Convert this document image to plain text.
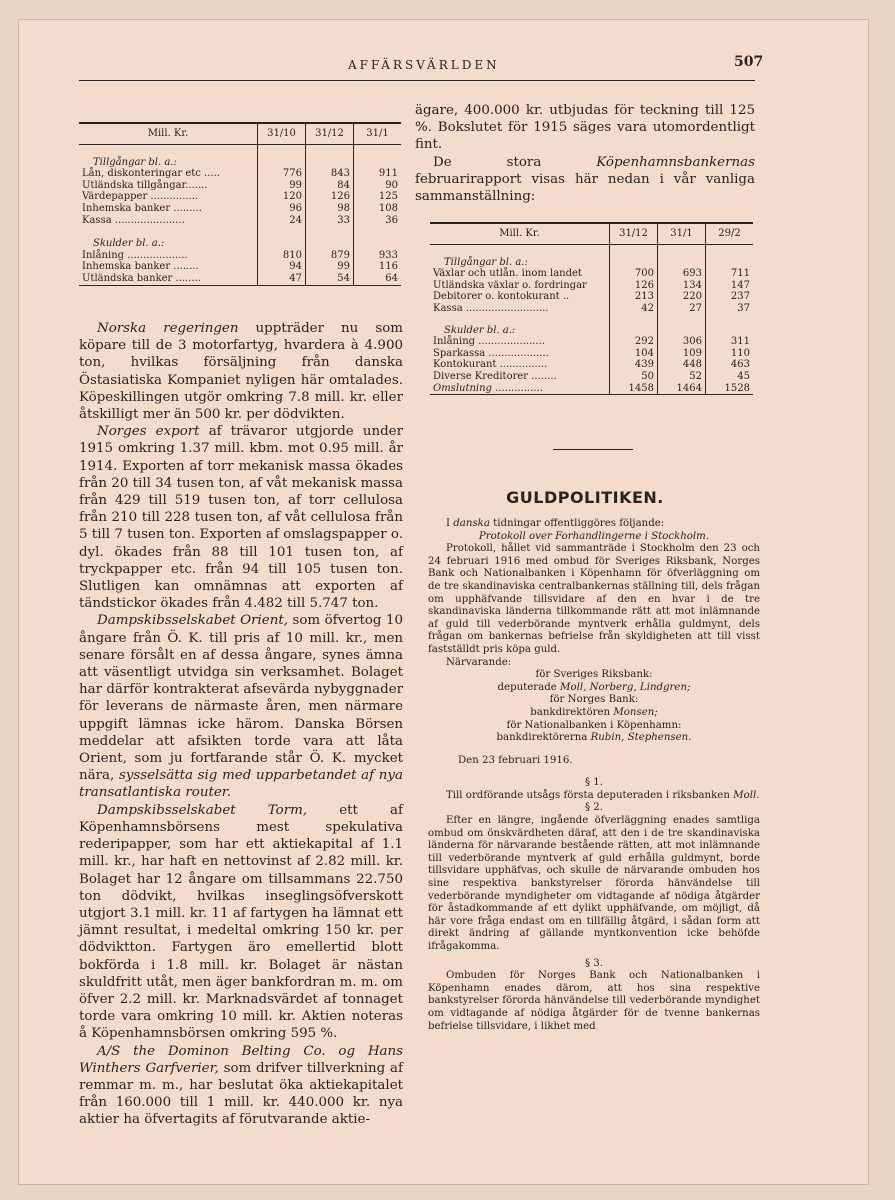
AFFÄRSVÄRLDEN	507
Mill. Kr.	31/10	31/12	31/1

Tillgångar bl. a.:			
Lån, diskonteringar etc .....	776	843	911
Utländska tillgångar.......	99	84	90
Värdepapper ...............	120	126	125
Inhemska banker .........	96	98	108
Kassa ......................	24	33	36

Skulder bl. a.:			
Inlåning ...................	810	879	933
Inhemska banker ........	94	99	116
Utländska banker ........	47	54	64

Norska regeringen uppträder nu som köpare till de 3 motorfartyg, hvardera à 4.900 ton, hvilkas försäljning från danska Östasiatiska Kompaniet nyligen här omtalades. Köpeskillingen utgör omkring 7.8 mill. kr. eller åtskilligt mer än 500 kr. per dödvikten.

Norges export af trävaror utgjorde under 1915 omkring 1.37 mill. kbm. mot 0.95 mill. år 1914. Exporten af torr mekanisk massa ökades från 20 till 34 tusen ton, af våt mekanisk massa från 429 till 519 tusen ton, af torr cellulosa från 210 till 228 tusen ton, af våt cellulosa från 5 till 7 tusen ton. Exporten af omslagspapper o. dyl. ökades från 88 till 101 tusen ton, af tryckpapper etc. från 94 till 105 tusen ton. Slutligen kan omnämnas att exporten af tändstickor ökades från 4.482 till 5.747 ton.

Dampskibsselskabet Orient, som öfvertog 10 ångare från Ö. K. till pris af 10 mill. kr., men senare försålt en af dessa ångare, synes ämna att väsentligt utvidga sin verksamhet. Bolaget har därför kontrakterat afsevärda nybyggnader för leverans de närmaste åren, men närmare uppgift lämnas icke härom. Danska Börsen meddelar att afsikten torde vara att låta Orient, som ju fortfarande står Ö. K. mycket nära, sysselsätta sig med upparbetandet af nya transatlantiska router.

Dampskibsselskabet Torm, ett af Köpenhamnsbörsens mest spekulativa rederipapper, som har ett aktiekapital af 1.1 mill. kr., har haft en nettovinst af 2.82 mill. kr. Bolaget har 12 ångare om tillsammans 22.750 ton dödvikt, hvilkas inseglingsöfverskott utgjort 3.1 mill. kr. 11 af fartygen ha lämnat ett jämnt resultat, i medeltal omkring 150 kr. per dödviktton. Fartygen äro emellertid blott bokförda i 1.8 mill. kr. Bolaget är nästan skuldfritt utåt, men äger bankfordran m. m. om öfver 2.2 mill. kr. Marknadsvärdet af tonnaget torde vara omkring 10 mill. kr. Aktien noteras å Köpenhamnsbörsen omkring 595 %.

A/S the Dominon Belting Co. og Hans Winthers Garfverier, som drifver tillverkning af remmar m. m., har beslutat öka aktiekapitalet från 160.000 till 1 mill. kr. 440.000 kr. nya aktier ha öfvertagits af förutvarande aktie-

ägare, 400.000 kr. utbjudas för teckning till 125 %. Bokslutet för 1915 säges vara utomordentligt fint.

De stora	Köpenhamnsbankernas februarirapport visas här nedan i vår vanliga sammanställning:

Mill. Kr.	31/12	31/1	29/2

Tillgångar bl. a.:			
Växlar och utlån. inom landet	700	693	711
Utländska växlar o. fordringar	126	134	147
Debitorer o. kontokurant ..	213	220	237
Kassa ..........................	42	27	37

Skulder bl. a.:			
Inlåning .....................	292	306	311
Sparkassa ...................	104	109	110
Kontokurant ...............	439	448	463
Diverse Kreditorer ........	50	52	45
Omslutning ...............	1458	1464	1528
GULDPOLITIKEN.

I danska tidningar offentliggöres följande:

Protokoll over Forhandlingerne i Stockholm.

Protokoll, hållet vid sammanträde i Stockholm den 23 och 24 februari 1916 med ombud för Sveriges Riksbank, Norges Bank och Nationalbanken i Köpenhamn för öfverläggning om de tre skandinaviska centralbankernas ställning till, dels frågan om upphäfvande tillsvidare af den en hvar i de tre skandinaviska länderna tillkommande rätt att mot inlämnande af guld till vederbörande myntverk erhålla guldmynt, dels frågan om bankernas befrielse från skyldigheten att till visst fastställdt pris köpa guld.

Närvarande:

för Sveriges Riksbank:

deputerade Moll, Norberg, Lindgren;

för Norges Bank:

bankdirektören Monsen;

för Nationalbanken i Köpenhamn:

bankdirektörerna Rubin, Stephensen.

Den 23 februari 1916.

§ 1.

Till ordförande utsågs första deputeraden i riksbanken Moll.

§ 2.

Efter en längre, ingående öfverläggning enades samtliga ombud om önskvärdheten däraf, att den i de tre skandinaviska länderna för närvarande bestående rätten, att mot inlämnande till vederbörande myntverk af guld erhålla guldmynt, borde tillsvidare upphäfvas, och skulle de närvarande ombuden hos sine respektiva bankstyrelser förorda hänvändelse till vederbörande myndigheter om vidtagande af nödiga åtgärder för åstadkommande af ett dylikt upphäfvande, om möjligt, då här vore fråga endast om en tillfällig åtgärd, i sådan form att direkt ändring af gällande myntkonvention icke behöfde ifrågakomma.

§ 3.

Ombuden för Norges Bank och Nationalbanken i Köpenhamn enades därom, att hos sina respektive bankstyrelser förorda hänvändelse till vederbörande myndighet om vidtagande af nödiga åtgärder för de tvenne bankernas befrielse tillsvidare, i likhet med
